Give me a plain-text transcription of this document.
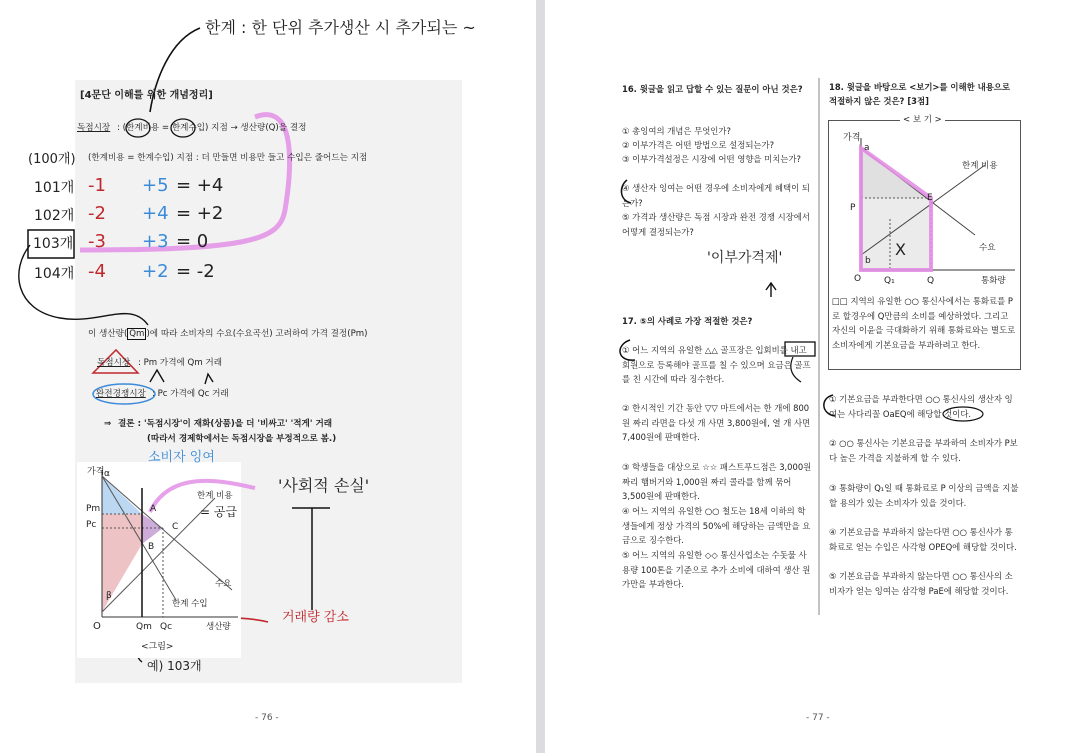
한계 : 한 단위 추가생산 시 추가되는 ~
[4문단 이해를 위한 개념정리]
독점시장 : (한계비용 = 한계수입) 지점 → 생산량(Q)을 결정
(한계비용 = 한계수입) 지점 : 더 만들면 비용만 들고 수입은 줄어드는 지점
(100개)
101개 -1 +5 = +4
102개 -2 +4 = +2
103개 -3 +3 = 0
104개 -4 +2 = -2
이 생산량( Qm )에 따라 소비자의 수요(수요곡선) 고려하여 가격 결정(Pm)
독점시장 : Pm 가격에 Qm 거래
완전경쟁시장 : Pc 가격에 Qc 거래
⇒ 결론 : '독점시장'이 재화(상품)을 더 '비싸고' '적게' 거래
(따라서 경제학에서는 독점시장을 부정적으로 봄.)
가격 α
Pm
Pc
A
C
B
한계 비용
수요
β
한계 수입
O	Qm Qc	생산량
<그림>
소비자 잉여
= 공급
'사회적 손실'
거래량 감소
예) 103개
- 76 -
16. 윗글을 읽고 답할 수 있는 질문이 아닌 것은?
① 총잉여의 개념은 무엇인가?
② 이부가격은 어떤 방법으로 설정되는가?
③ 이부가격설정은 시장에 어떤 영향을 미치는가?
④ 생산자 잉여는 어떤 경우에 소비자에게 혜택이 되는가?
⑤ 가격과 생산량은 독점 시장과 완전 경쟁 시장에서 어떻게 결정되는가?
'이부가격제'
17. ⑤의 사례로 가장 적절한 것은?
① 어느 지역의 유일한 △△ 골프장은 입회비를 내고 회원으로 등록해야 골프를 칠 수 있으며 요금은 골프를 친 시간에 따라 징수한다.
② 한시적인 기간 동안 ▽▽ 마트에서는 한 개에 800원 짜리 라면을 다섯 개 사면 3,800원에, 열 개 사면 7,400원에 판매한다.
③ 학생들을 대상으로 ☆☆ 패스트푸드점은 3,000원 짜리 햄버거와 1,000원 짜리 콜라를 함께 묶어 3,500원에 판매한다.
④ 어느 지역의 유일한 ○○ 철도는 18세 이하의 학생들에게 정상 가격의 50%에 해당하는 금액만을 요금으로 징수한다.
⑤ 어느 지역의 유일한 ◇◇ 통신사업소는 수돗물 사용량 100톤을 기준으로 추가 소비에 대하여 생산 원가만을 부과한다.
18. 윗글을 바탕으로 <보기>를 이해한 내용으로 적절하지 않은 것은? [3점]
< 보 기 >
가격
a
한계 비용
P
E
X	수요
b
O	Q₁	Q	통화량
□□ 지역의 유일한 ○○ 통신사에서는 통화료를 P로 할경우에 Q만큼의 소비를 예상하였다. 그리고 자신의 이윤을 극대화하기 위해 통화료와는 별도로 소비자에게 기본요금을 부과하려고 한다.
① 기본요금을 부과한다면 ○○ 통신사의 생산자 잉여는 사다리꼴 OaEQ에 해당할 것이다.
② ○○ 통신사는 기본요금을 부과하여 소비자가 P보다 높은 가격을 지불하게 할 수 있다.
③ 통화량이 Q₁일 때 통화료로 P 이상의 금액을 지불할 용의가 있는 소비자가 있을 것이다.
④ 기본요금을 부과하지 않는다면 ○○ 통신사가 통화료로 얻는 수입은 사각형 OPEQ에 해당할 것이다.
⑤ 기본요금을 부과하지 않는다면 ○○ 통신사의 소비자가 얻는 잉여는 삼각형 PaE에 해당할 것이다.
- 77 -
